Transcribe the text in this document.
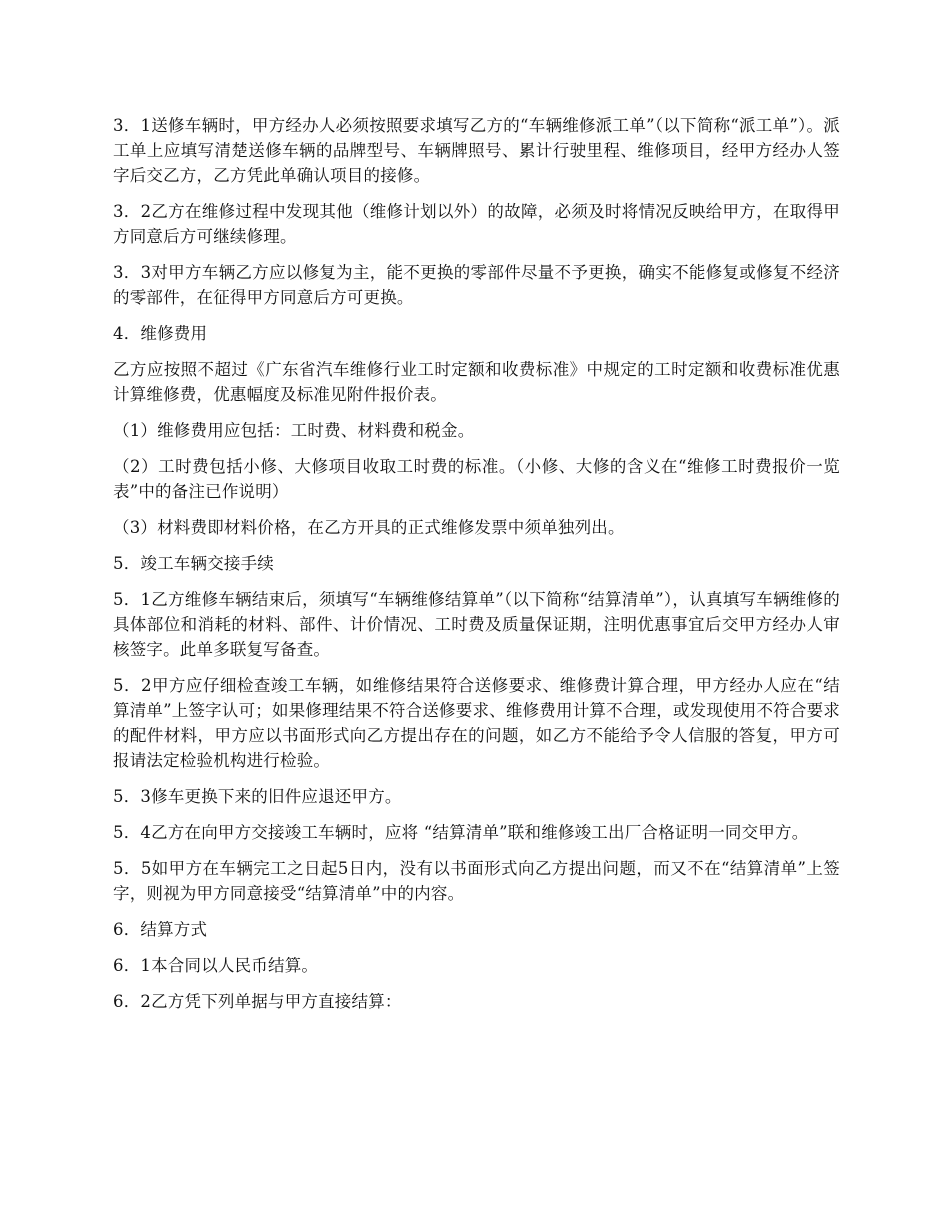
3．1送修车辆时，甲方经办人必须按照要求填写乙方的“车辆维修派工单”（以下简称“派工单”）。派工单上应填写清楚送修车辆的品牌型号、车辆牌照号、累计行驶里程、维修项目，经甲方经办人签字后交乙方，乙方凭此单确认项目的接修。

3．2乙方在维修过程中发现其他（维修计划以外）的故障，必须及时将情况反映给甲方，在取得甲方同意后方可继续修理。

3．3对甲方车辆乙方应以修复为主，能不更换的零部件尽量不予更换，确实不能修复或修复不经济的零部件，在征得甲方同意后方可更换。

4．维修费用

乙方应按照不超过《广东省汽车维修行业工时定额和收费标准》中规定的工时定额和收费标准优惠计算维修费，优惠幅度及标准见附件报价表。

（1）维修费用应包括：工时费、材料费和税金。

（2）工时费包括小修、大修项目收取工时费的标准。（小修、大修的含义在“维修工时费报价一览表”中的备注已作说明）

（3）材料费即材料价格，在乙方开具的正式维修发票中须单独列出。

5．竣工车辆交接手续

5．1乙方维修车辆结束后，须填写“车辆维修结算单”（以下简称“结算清单”），认真填写车辆维修的具体部位和消耗的材料、部件、计价情况、工时费及质量保证期，注明优惠事宜后交甲方经办人审核签字。此单多联复写备查。

5．2甲方应仔细检查竣工车辆，如维修结果符合送修要求、维修费计算合理，甲方经办人应在“结算清单”上签字认可；如果修理结果不符合送修要求、维修费用计算不合理，或发现使用不符合要求的配件材料，甲方应以书面形式向乙方提出存在的问题，如乙方不能给予令人信服的答复，甲方可报请法定检验机构进行检验。

5．3修车更换下来的旧件应退还甲方。

5．4乙方在向甲方交接竣工车辆时，应将 “结算清单”联和维修竣工出厂合格证明一同交甲方。

5．5如甲方在车辆完工之日起5日内，没有以书面形式向乙方提出问题，而又不在“结算清单”上签字，则视为甲方同意接受“结算清单”中的内容。

6．结算方式

6．1本合同以人民币结算。

6．2乙方凭下列单据与甲方直接结算：
